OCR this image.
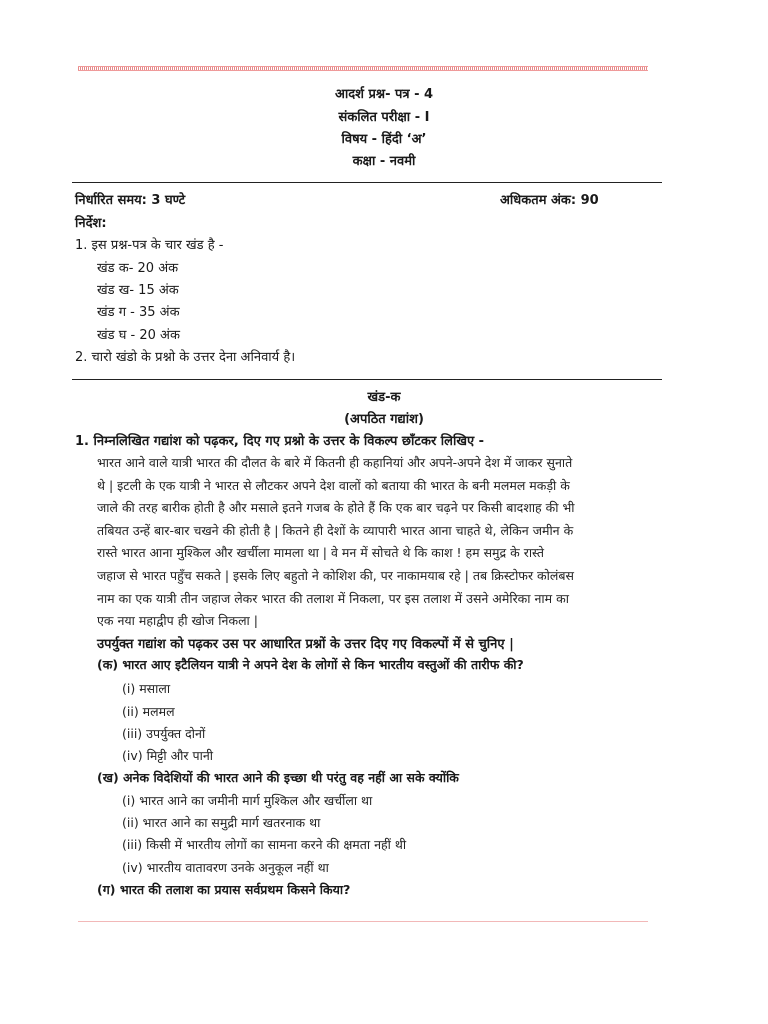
आदर्श प्रश्न- पत्र - 4
संकलित परीक्षा - I
विषय - हिंदी ‘अ’
कक्षा - नवमी
निर्धारित समय: 3 घण्टे	अधिकतम अंक: 90
निर्देश:
1. इस प्रश्न-पत्र के चार खंड है -
खंड क- 20 अंक
खंड ख- 15 अंक
खंड ग - 35 अंक
खंड घ - 20 अंक
2. चारो खंडो के प्रश्नो के उत्तर देना अनिवार्य है।
खंड-क
(अपठित गद्यांश)
1. निम्नलिखित गद्यांश को पढ़कर, दिए गए प्रश्नो के उत्तर के विकल्प छाँटकर लिखिए -
भारत आने वाले यात्री भारत की दौलत के बारे में कितनी ही कहानियां और अपने-अपने देश में जाकर सुनाते
थे | इटली के एक यात्री ने भारत से लौटकर अपने देश वालों को बताया की भारत के बनी मलमल मकड़ी के
जाले की तरह बारीक होती है और मसाले इतने गजब के होते हैं कि एक बार चढ़ने पर किसी बादशाह की भी
तबियत उन्हें बार-बार चखने की होती है | कितने ही देशों के व्यापारी भारत आना चाहते थे, लेकिन जमीन के
रास्ते भारत आना मुश्किल और खर्चीला मामला था | वे मन में सोचते थे कि काश ! हम समुद्र के रास्ते
जहाज से भारत पहुँच सकते | इसके लिए बहुतो ने कोशिश की, पर नाकामयाब रहे | तब क्रिस्टोफर कोलंबस
नाम का एक यात्री तीन जहाज लेकर भारत की तलाश में निकला, पर इस तलाश में उसने अमेरिका नाम का
एक नया महाद्वीप ही खोज निकला |
उपर्युक्त गद्यांश को पढ़कर उस पर आधारित प्रश्नों के उत्तर दिए गए विकल्पों में से चुनिए |
(क) भारत आए इटैलियन यात्री ने अपने देश के लोगों से किन भारतीय वस्तुओं की तारीफ की?
(i) मसाला
(ii) मलमल
(iii) उपर्युक्त दोनों
(iv) मिट्टी और पानी
(ख) अनेक विदेशियों की भारत आने की इच्छा थी परंतु वह नहीं आ सके क्योंकि
(i) भारत आने का जमीनी मार्ग मुश्किल और खर्चीला था
(ii) भारत आने का समुद्री मार्ग खतरनाक था
(iii) किसी में भारतीय लोगों का सामना करने की क्षमता नहीं थी
(iv) भारतीय वातावरण उनके अनुकूल नहीं था
(ग) भारत की तलाश का प्रयास सर्वप्रथम किसने किया?
